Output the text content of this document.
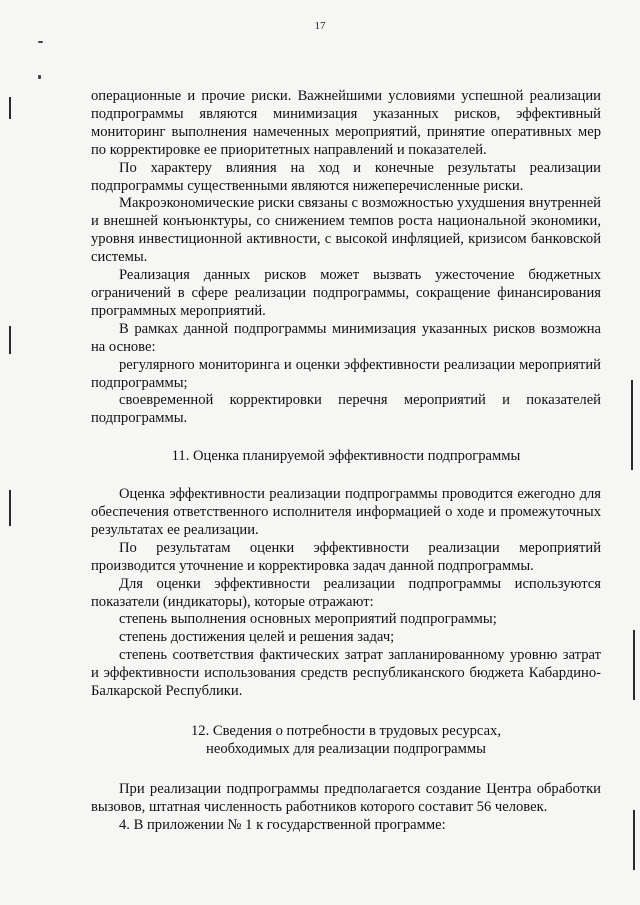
17

операционные и прочие риски. Важнейшими условиями успешной реализации подпрограммы являются минимизация указанных рисков, эффективный мониторинг выполнения намеченных мероприятий, принятие оперативных мер по корректировке ее приоритетных направлений и показателей.

По характеру влияния на ход и конечные результаты реализации подпрограммы существенными являются нижеперечисленные риски.

Макроэкономические риски связаны с возможностью ухудшения внутренней и внешней конъюнктуры, со снижением темпов роста национальной экономики, уровня инвестиционной активности, с высокой инфляцией, кризисом банковской системы.

Реализация данных рисков может вызвать ужесточение бюджетных ограничений в сфере реализации подпрограммы, сокращение финансирования программных мероприятий.

В рамках данной подпрограммы минимизация указанных рисков возможна на основе:

регулярного мониторинга и оценки эффективности реализации мероприятий подпрограммы;

своевременной корректировки перечня мероприятий и показателей подпрограммы.

11. Оценка планируемой эффективности подпрограммы

Оценка эффективности реализации подпрограммы проводится ежегодно для обеспечения ответственного исполнителя информацией о ходе и промежуточных результатах ее реализации.

По результатам оценки эффективности реализации мероприятий производится уточнение и корректировка задач данной подпрограммы.

Для оценки эффективности реализации подпрограммы используются показатели (индикаторы), которые отражают:

степень выполнения основных мероприятий подпрограммы;

степень достижения целей и решения задач;

степень соответствия фактических затрат запланированному уровню затрат и эффективности использования средств республиканского бюджета Кабардино-Балкарской Республики.

12. Сведения о потребности в трудовых ресурсах,

необходимых для реализации подпрограммы

При реализации подпрограммы предполагается создание Центра обработки вызовов, штатная численность работников которого составит 56 человек.

4. В приложении № 1 к государственной программе:
